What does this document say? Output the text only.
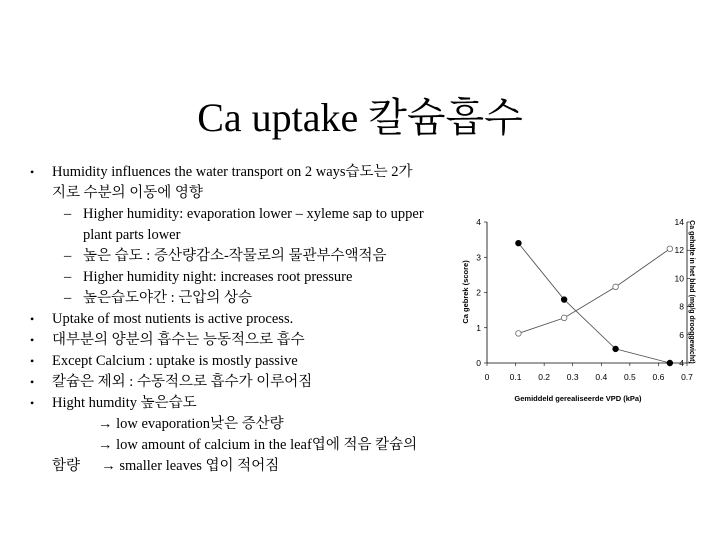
Ca uptake 칼슘흡수
• Humidity influences the water transport on 2 ways습도는 2가
지로 수분의 이동에 영향
– Higher humidity: evaporation lower – xyleme sap to upper
plant parts lower
– 높은 습도 : 증산량감소-작물로의 물관부수액적음
– Higher humidity night: increases root pressure
– 높은습도야간 : 근압의 상승
• Uptake of most nutients is active process.
• 대부분의 양분의 흡수는 능동적으로 흡수
• Except Calcium : uptake is mostly passive
• 칼슘은 제외 : 수동적으로 흡수가 이루어짐
• Hight humdity 높은습도
→ low evaporation낮은 증산량
→ low amount of calcium in the leaf엽에 적음 칼슘의
함량 → smaller leaves 엽이 적어짐
0 0.1 0.2 0.3 0.4 0.5 0.6 0.7
0
1
2
3
4
4
6
8
10
12
14
Gemiddeld gerealiseerde VPD (kPa)
Ca gebrek (score)	Ca gehalte in het blad (mg/g drooggewicht)
